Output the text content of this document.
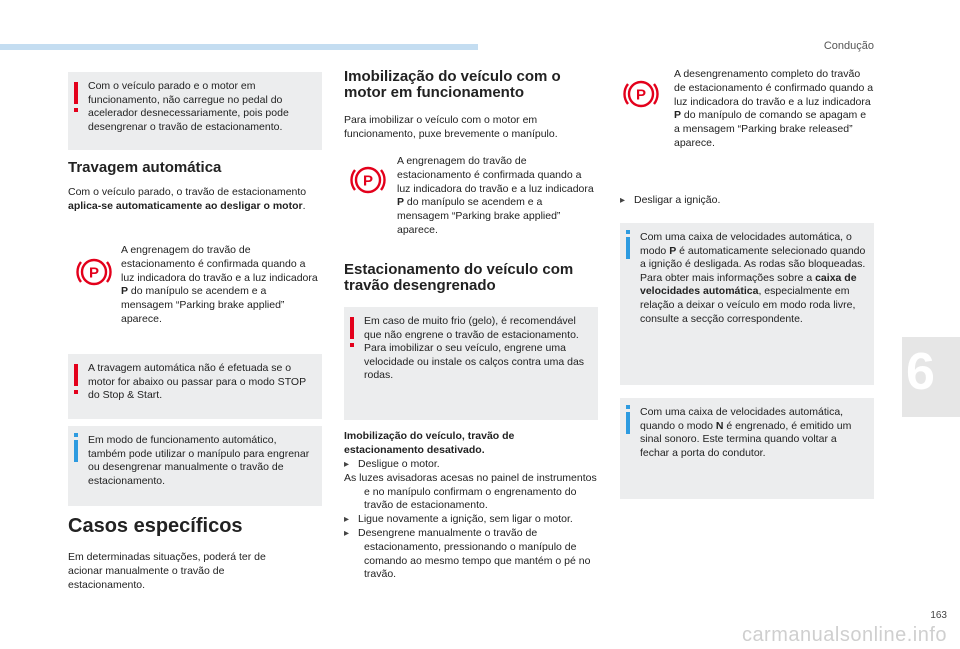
Condução
6
163
carmanualsonline.info
Com o veículo parado e o motor em funcionamento, não carregue no pedal do acelerador desnecessariamente, pois pode desengrenar o travão de estacionamento.
Travagem automática

Com o veículo parado, o travão de estacionamento aplica-se automaticamente ao desligar o motor.

P

A engrenagem do travão de estacionamento é confirmada quando a luz indicadora do travão e a luz indicadora P do manípulo se acendem e a mensagem “Parking brake applied” aparece.

A travagem automática não é efetuada se o motor for abaixo ou passar para o modo STOP do Stop & Start.
Em modo de funcionamento automático, também pode utilizar o manípulo para engrenar ou desengrenar manualmente o travão de estacionamento.
Casos específicos

Em determinadas situações, poderá ter de acionar manualmente o travão de estacionamento.

Imobilização do veículo com o motor em funcionamento

Para imobilizar o veículo com o motor em funcionamento, puxe brevemente o manípulo.

P

A engrenagem do travão de estacionamento é confirmada quando a luz indicadora do travão e a luz indicadora P do manípulo se acendem e a mensagem “Parking brake applied” aparece.

Estacionamento do veículo com travão desengrenado
Em caso de muito frio (gelo), é recomendável que não engrene o travão de estacionamento.
Para imobilizar o seu veículo, engrene uma velocidade ou instale os calços contra uma das rodas.

Imobilização do veículo, travão de estacionamento desativado.

▸ Desligue o motor.
As luzes avisadoras acesas no painel de instrumentos e no manípulo confirmam o engrenamento do travão de estacionamento.
▸ Ligue novamente a ignição, sem ligar o motor.
▸ Desengrene manualmente o travão de estacionamento, pressionando o manípulo de comando ao mesmo tempo que mantém o pé no travão.
P

A desengrenamento completo do travão de estacionamento é confirmado quando a luz indicadora do travão e a luz indicadora P do manípulo de comando se apagam e a mensagem “Parking brake released” aparece.

▸ Desligar a ignição.
Com uma caixa de velocidades automática, o modo P é automaticamente selecionado quando a ignição é desligada. As rodas são bloqueadas.
Para obter mais informações sobre a caixa de velocidades automática, especialmente em relação a deixar o veículo em modo roda livre, consulte a secção correspondente.
Com uma caixa de velocidades automática, quando o modo N é engrenado, é emitido um sinal sonoro. Este termina quando voltar a fechar a porta do condutor.
